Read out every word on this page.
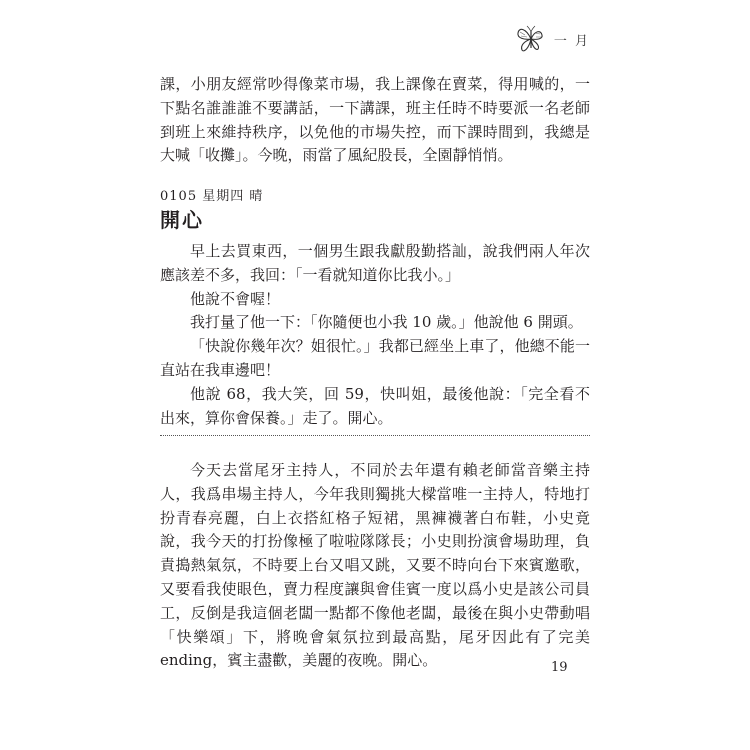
一 月

課，小朋友經常吵得像菜市場，我上課像在賣菜，得用喊的，一下點名誰誰誰不要講話，一下講課，班主任時不時要派一名老師到班上來維持秩序，以免他的市場失控，而下課時間到，我總是大喊「收攤」。今晚，雨當了風紀股長，全園靜悄悄。

0105 星期四 晴
開心

早上去買東西，一個男生跟我獻殷勤搭訕，說我們兩人年次應該差不多，我回：「一看就知道你比我小。」

他說不會喔！

我打量了他一下：「你隨便也小我 10 歲。」他說他 6 開頭。

「快說你幾年次？姐很忙。」我都已經坐上車了，他總不能一直站在我車邊吧！

他說 68，我大笑，回 59，快叫姐，最後他說：「完全看不出來，算你會保養。」走了。開心。

今天去當尾牙主持人，不同於去年還有賴老師當音樂主持人，我爲串場主持人，今年我則獨挑大樑當唯一主持人，特地打扮青春亮麗，白上衣搭紅格子短裙，黑褲襪著白布鞋，小史竟說，我今天的打扮像極了啦啦隊隊長；小史則扮演會場助理，負責搗熱氣氛，不時要上台又唱又跳，又要不時向台下來賓邀歌，又要看我使眼色，賣力程度讓與會佳賓一度以爲小史是該公司員工，反倒是我這個老闆一點都不像他老闆，最後在與小史帶動唱「快樂頌」下，將晚會氣氛拉到最高點，尾牙因此有了完美 ending，賓主盡歡，美麗的夜晚。開心。	19
